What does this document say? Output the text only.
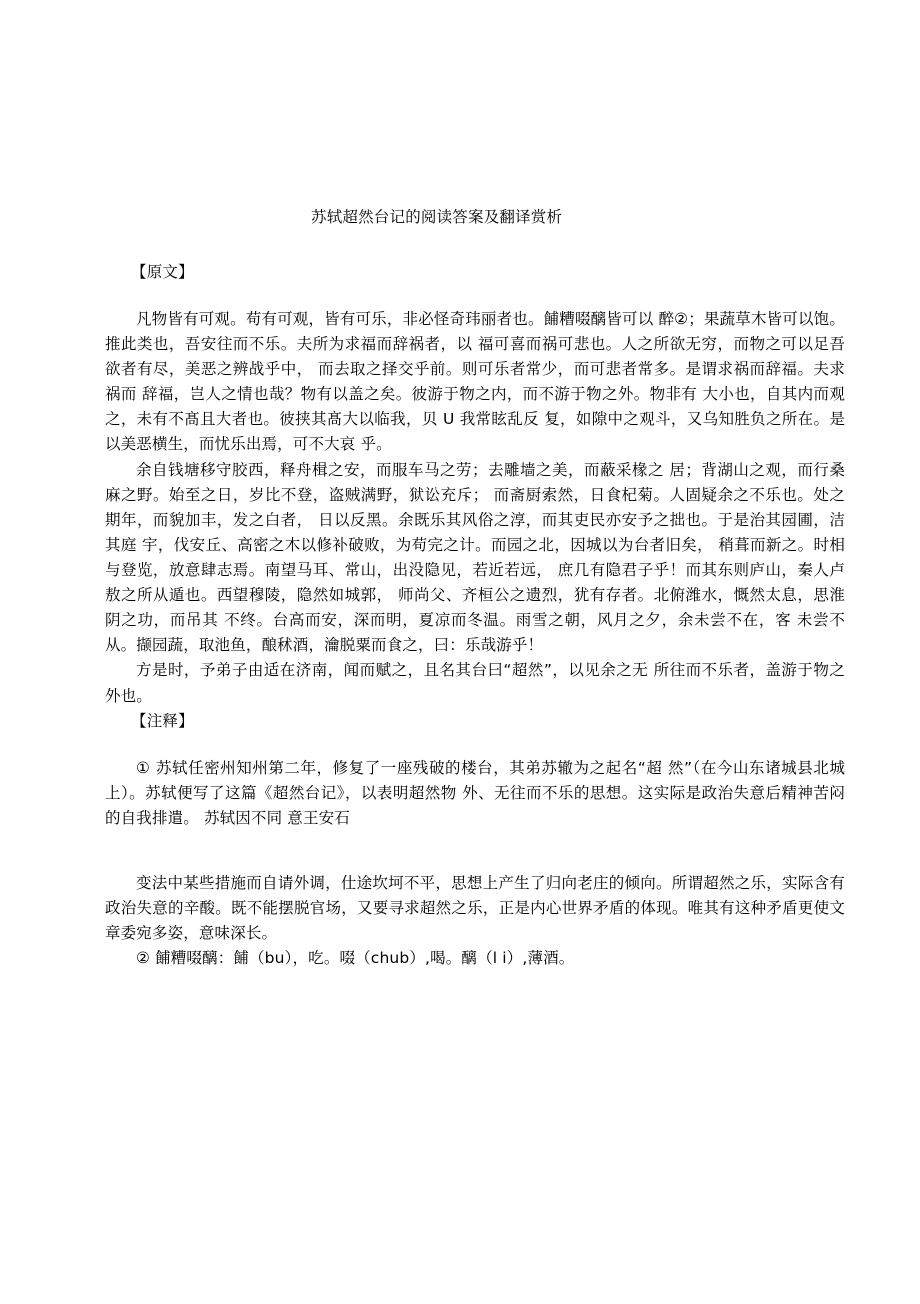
苏轼超然台记的阅读答案及翻译赏析
【原文】

凡物皆有可观。苟有可观，皆有可乐，非必怪奇玮丽者也。餔糟啜醨皆可以 醉②；果蔬草木皆可以饱。推此类也，吾安往而不乐。夫所为求福而辞祸者，以 福可喜而祸可悲也。人之所欲无穷，而物之可以足吾欲者有尽，美恶之辨战乎中， 而去取之择交乎前。则可乐者常少，而可悲者常多。是谓求祸而辞福。夫求祸而 辞福，岂人之情也哉？物有以盖之矣。彼游于物之内，而不游于物之外。物非有 大小也，自其内而观之，未有不髙且大者也。彼挟其髙大以临我，贝 U 我常眩乱反 复，如隙中之观斗，又乌知胜负之所在。是以美恶横生，而忧乐出焉，可不大哀 乎。

余自钱塘移守胶西，释舟楫之安，而服车马之劳；去雕墙之美，而蔽采椽之 居；背湖山之观，而行桑麻之野。始至之日，岁比不登，盗贼满野，狱讼充斥； 而斋厨索然，日食杞菊。人固疑余之不乐也。处之期年，而貌加丰，发之白者， 日以反黑。余既乐其风俗之淳，而其吏民亦安予之拙也。于是治其园圃，洁其庭 宇，伐安丘、高密之木以修补破败，为苟完之计。而园之北，因城以为台者旧矣， 稍葺而新之。时相与登览，放意肆志焉。南望马耳、常山，出没隐见，若近若远， 庶几有隐君子乎！而其东则庐山，秦人卢敖之所从遁也。西望穆陵，隐然如城郭， 师尚父、齐桓公之遗烈，犹有存者。北俯潍水，慨然太息，思淮阴之功，而吊其 不终。台高而安，深而明，夏凉而冬温。雨雪之朝，风月之夕，余未尝不在，客 未尝不从。撷园蔬，取池鱼，酿秫酒，瀹脱粟而食之，曰：乐哉游乎！

方是时，予弟子由适在济南，闻而赋之，且名其台曰“超然”，以见余之无 所往而不乐者，盖游于物之外也。

【注释】

① 苏轼任密州知州第二年，修复了一座残破的楼台，其弟苏辙为之起名“超 然”（在今山东诸城县北城上）。苏轼便写了这篇《超然台记》，以表明超然物 外、无往而不乐的思想。这实际是政治失意后精神苦闷的自我排遣。 苏轼因不同 意王安石

变法中某些措施而自请外调，仕途坎坷不平，思想上产生了归向老庄的倾向。所谓超然之乐，实际含有政治失意的辛酸。既不能摆脱官场，又要寻求超然之乐，正是内心世界矛盾的体现。唯其有这种矛盾更使文章委宛多姿，意味深长。

② 餔糟啜醨：餔（bu），吃。啜（chub）,喝。醨（l i）,薄酒。
